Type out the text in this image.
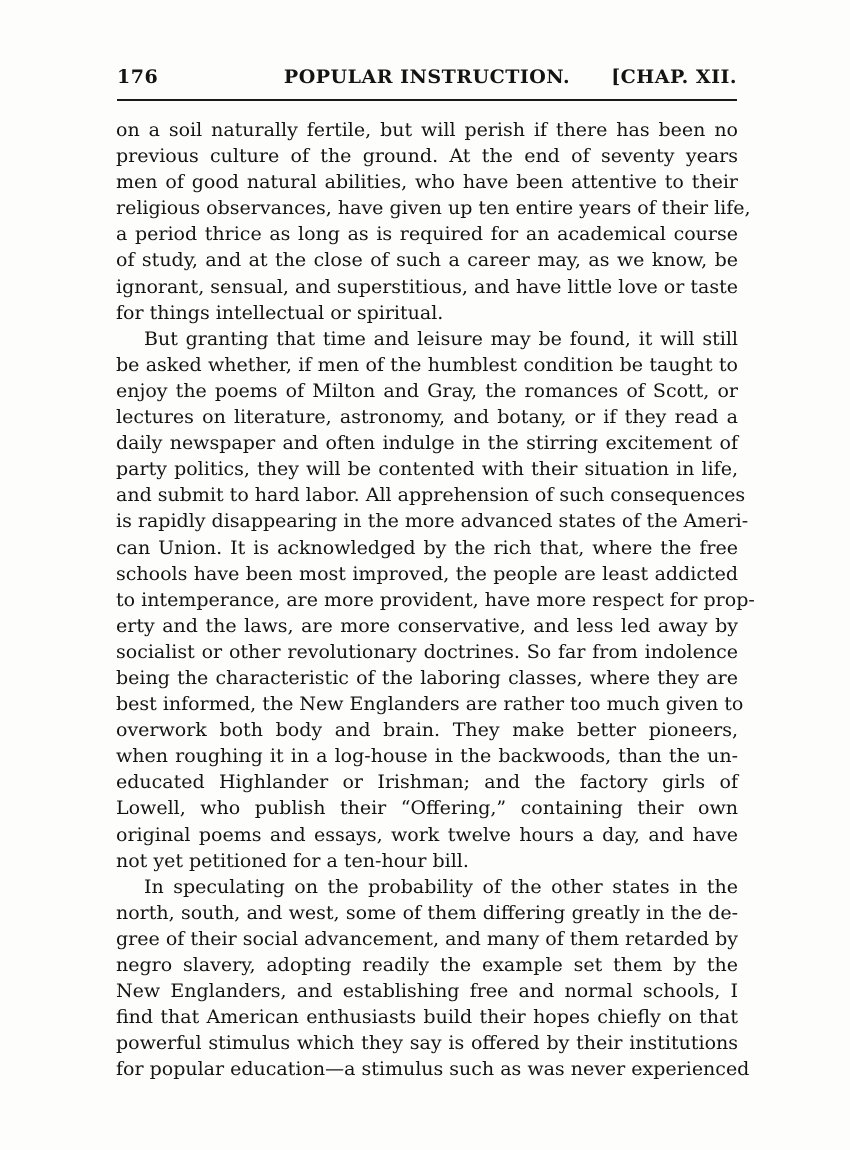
176	POPULAR INSTRUCTION.	[CHAP. XII.
on a soil naturally fertile, but will perish if there has been no
previous culture of the ground. At the end of seventy years
men of good natural abilities, who have been attentive to their
religious observances, have given up ten entire years of their life,
a period thrice as long as is required for an academical course
of study, and at the close of such a career may, as we know, be
ignorant, sensual, and superstitious, and have little love or taste
for things intellectual or spiritual.
But granting that time and leisure may be found, it will still
be asked whether, if men of the humblest condition be taught to
enjoy the poems of Milton and Gray, the romances of Scott, or
lectures on literature, astronomy, and botany, or if they read a
daily newspaper and often indulge in the stirring excitement of
party politics, they will be contented with their situation in life,
and submit to hard labor. All apprehension of such consequences
is rapidly disappearing in the more advanced states of the Ameri-
can Union. It is acknowledged by the rich that, where the free
schools have been most improved, the people are least addicted
to intemperance, are more provident, have more respect for prop-
erty and the laws, are more conservative, and less led away by
socialist or other revolutionary doctrines. So far from indolence
being the characteristic of the laboring classes, where they are
best informed, the New Englanders are rather too much given to
overwork both body and brain. They make better pioneers,
when roughing it in a log-house in the backwoods, than the un-
educated Highlander or Irishman; and the factory girls of
Lowell, who publish their “Offering,” containing their own
original poems and essays, work twelve hours a day, and have
not yet petitioned for a ten-hour bill.
In speculating on the probability of the other states in the
north, south, and west, some of them differing greatly in the de-
gree of their social advancement, and many of them retarded by
negro slavery, adopting readily the example set them by the
New Englanders, and establishing free and normal schools, I
find that American enthusiasts build their hopes chiefly on that
powerful stimulus which they say is offered by their institutions
for popular education—a stimulus such as was never experienced
